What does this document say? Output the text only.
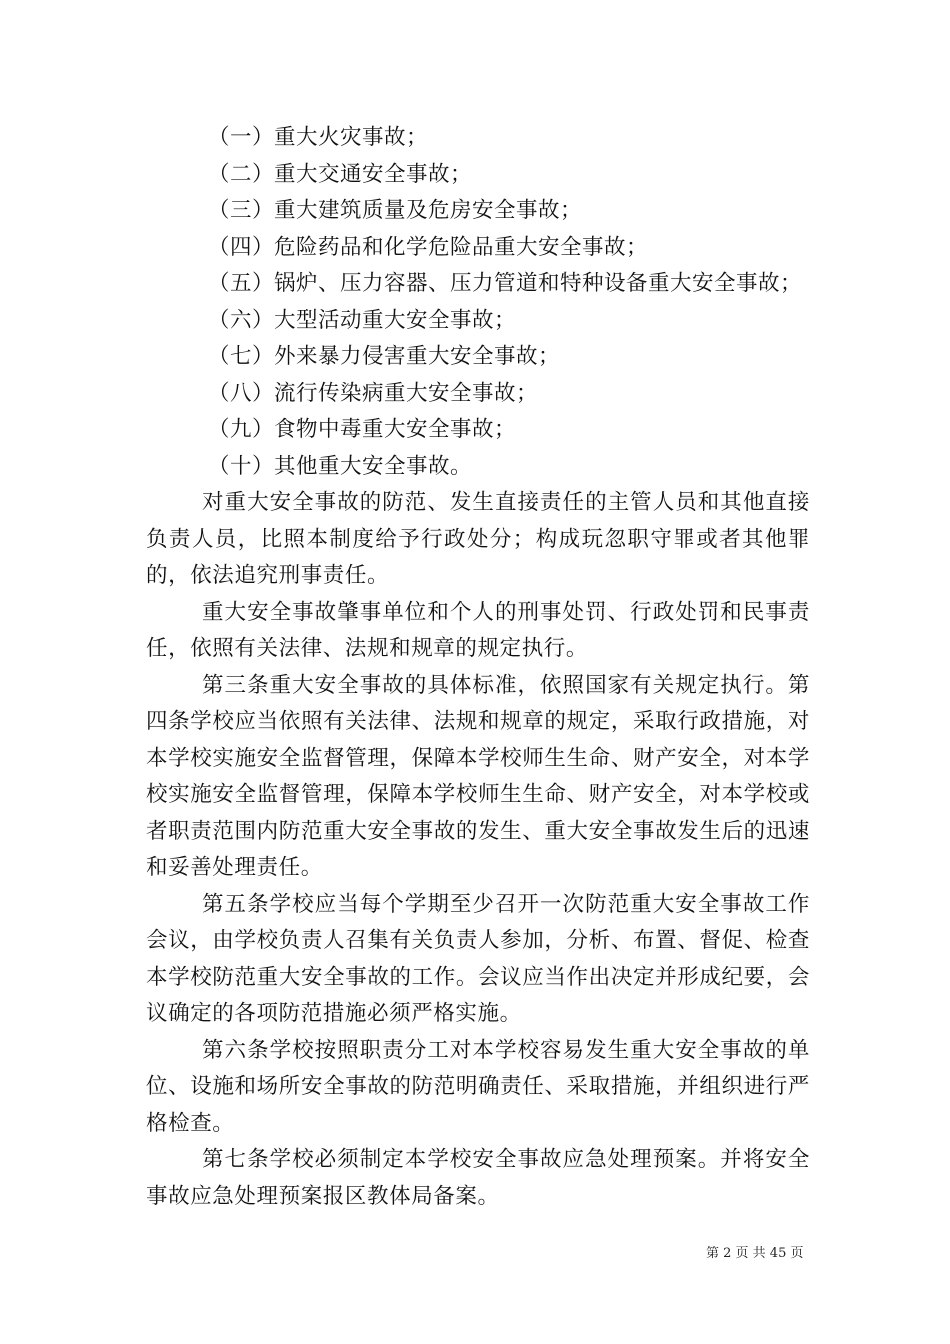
（一）重大火灾事故；
（二）重大交通安全事故；
（三）重大建筑质量及危房安全事故；
（四）危险药品和化学危险品重大安全事故；
（五）锅炉、压力容器、压力管道和特种设备重大安全事故；
（六）大型活动重大安全事故；
（七）外来暴力侵害重大安全事故；
（八）流行传染病重大安全事故；
（九）食物中毒重大安全事故；
（十）其他重大安全事故。

对重大安全事故的防范、发生直接责任的主管人员和其他直接负责人员，比照本制度给予行政处分；构成玩忽职守罪或者其他罪的，依法追究刑事责任。

重大安全事故肇事单位和个人的刑事处罚、行政处罚和民事责任，依照有关法律、法规和规章的规定执行。

第三条重大安全事故的具体标准，依照国家有关规定执行。第四条学校应当依照有关法律、法规和规章的规定，采取行政措施，对本学校实施安全监督管理，保障本学校师生生命、财产安全，对本学校实施安全监督管理，保障本学校师生生命、财产安全，对本学校或者职责范围内防范重大安全事故的发生、重大安全事故发生后的迅速和妥善处理责任。

第五条学校应当每个学期至少召开一次防范重大安全事故工作会议，由学校负责人召集有关负责人参加，分析、布置、督促、检查本学校防范重大安全事故的工作。会议应当作出决定并形成纪要，会议确定的各项防范措施必须严格实施。

第六条学校按照职责分工对本学校容易发生重大安全事故的单位、设施和场所安全事故的防范明确责任、采取措施，并组织进行严格检查。

第七条学校必须制定本学校安全事故应急处理预案。并将安全事故应急处理预案报区教体局备案。

第 2 页 共 45 页
